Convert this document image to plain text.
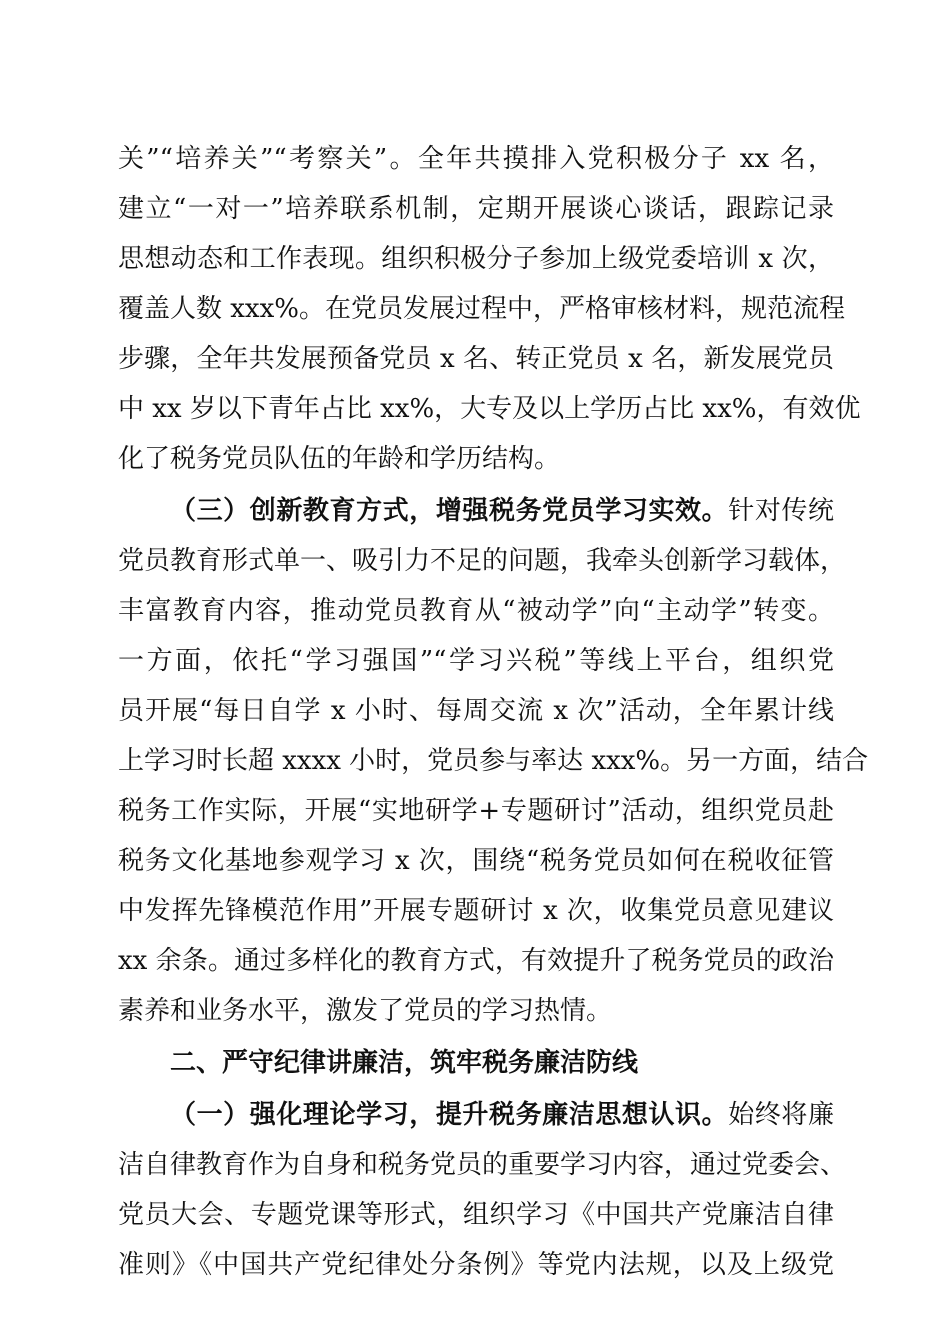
关”“培养关”“考察关”。全年共摸排入党积极分子 xx 名，
建立“一对一”培养联系机制，定期开展谈心谈话，跟踪记录
思想动态和工作表现。组织积极分子参加上级党委培训 x 次，
覆盖人数 xxx%。在党员发展过程中，严格审核材料，规范流程
步骤，全年共发展预备党员 x 名、转正党员 x 名，新发展党员
中 xx 岁以下青年占比 xx%，大专及以上学历占比 xx%，有效优
化了税务党员队伍的年龄和学历结构。
（三）创新教育方式，增强税务党员学习实效。针对传统
党员教育形式单一、吸引力不足的问题，我牵头创新学习载体，
丰富教育内容，推动党员教育从“被动学”向“主动学”转变。
一方面，依托“学习强国”“学习兴税”等线上平台，组织党
员开展“每日自学 x 小时、每周交流 x 次”活动，全年累计线
上学习时长超 xxxx 小时，党员参与率达 xxx%。另一方面，结合
税务工作实际，开展“实地研学+专题研讨”活动，组织党员赴
税务文化基地参观学习 x 次，围绕“税务党员如何在税收征管
中发挥先锋模范作用”开展专题研讨 x 次，收集党员意见建议
xx 余条。通过多样化的教育方式，有效提升了税务党员的政治
素养和业务水平，激发了党员的学习热情。
二、严守纪律讲廉洁，筑牢税务廉洁防线
（一）强化理论学习，提升税务廉洁思想认识。始终将廉
洁自律教育作为自身和税务党员的重要学习内容，通过党委会、
党员大会、专题党课等形式，组织学习《中国共产党廉洁自律
准则》《中国共产党纪律处分条例》等党内法规，以及上级党
